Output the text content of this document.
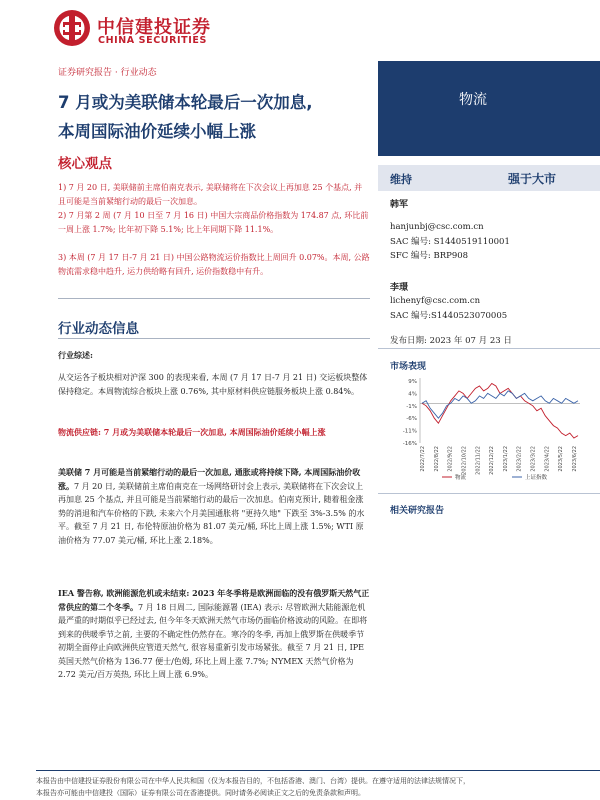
中信建投证券
CHINA SECURITIES
证券研究报告 · 行业动态
7 月或为美联储本轮最后一次加息,
本周国际油价延续小幅上涨
核心观点
1) 7 月 20 日, 美联储前主席伯南克表示, 美联储将在下次会议上再加息 25 个基点, 并且可能是当前紧缩行动的最后一次加息。
2) 7 月第 2 周 (7 月 10 日至 7 月 16 日) 中国大宗商品价格指数为 174.87 点, 环比前一周上涨 1.7%; 比年初下降 5.1%; 比上年同期下降 11.1%。
3) 本周 (7 月 17 日-7 月 21 日) 中国公路物流运价指数比上周回升 0.07%。本周, 公路物流需求稳中趋升, 运力供给略有回升, 运价指数稳中有升。
行业动态信息
行业综述:
从交运各子板块相对沪深 300 的表现来看, 本周 (7 月 17 日-7 月 21 日) 交运板块整体保持稳定。本周物流综合板块上涨 0.76%, 其中原材料供应链服务板块上涨 0.84%。
物流供应链: 7 月或为美联储本轮最后一次加息, 本周国际油价延续小幅上涨
美联储 7 月可能是当前紧缩行动的最后一次加息, 通胀或将持续下降, 本周国际油价收涨。7 月 20 日, 美联储前主席伯南克在一场网络研讨会上表示, 美联储将在下次会议上再加息 25 个基点, 并且可能是当前紧缩行动的最后一次加息。伯南克预计, 随着租金涨势的消退和汽车价格的下跌, 未来六个月美国通胀将 "更持久地" 下跌至 3%-3.5% 的水平。截至 7 月 21 日, 布伦特原油价格为 81.07 美元/桶, 环比上周上涨 1.5%; WTI 原油价格为 77.07 美元/桶, 环比上涨 2.18%。
IEA 警告称, 欧洲能源危机或未结束: 2023 年冬季将是欧洲面临的没有俄罗斯天然气正常供应的第二个冬季。7 月 18 日周二, 国际能源署 (IEA) 表示: 尽管欧洲大陆能源危机最严重的时期似乎已经过去, 但今年冬天欧洲天然气市场仍面临价格波动的风险。在即将到来的供暖季节之前, 主要的不确定性仍然存在。寒冷的冬季, 再加上俄罗斯在供暖季节初期全面停止向欧洲供应管道天然气, 很容易重新引发市场紧张。截至 7 月 21 日, IPE 英国天然气价格为 136.77 便士/色姆, 环比上周上涨 7.7%; NYMEX 天然气价格为 2.72 美元/百万英热, 环比上周上涨 6.9%。
物流
维持	强于大市
韩军
hanjunbj@csc.com.cn
SAC 编号: S1440519110001
SFC 编号: BRP908
李璟
lichenyf@csc.com.cn
SAC 编号:S1440523070005
发布日期: 2023 年 07 月 23 日
市场表现
9%
4%
-1%
-6%
-11%
-16%
2022/7/22 2022/8/22 2022/9/22 2022/10/22 2022/11/22 2022/12/22 2023/1/22 2023/2/22 2023/3/22 2023/4/22 2023/5/22 2023/6/22
物流	上证指数
相关研究报告
本报告由中信建投证券股份有限公司在中华人民共和国（仅为本报告目的，不包括香港、澳门、台湾）提供。在遵守适用的法律法规情况下，
本报告亦可能由中信建投（国际）证券有限公司在香港提供。同时请务必阅读正文之后的免责条款和声明。
